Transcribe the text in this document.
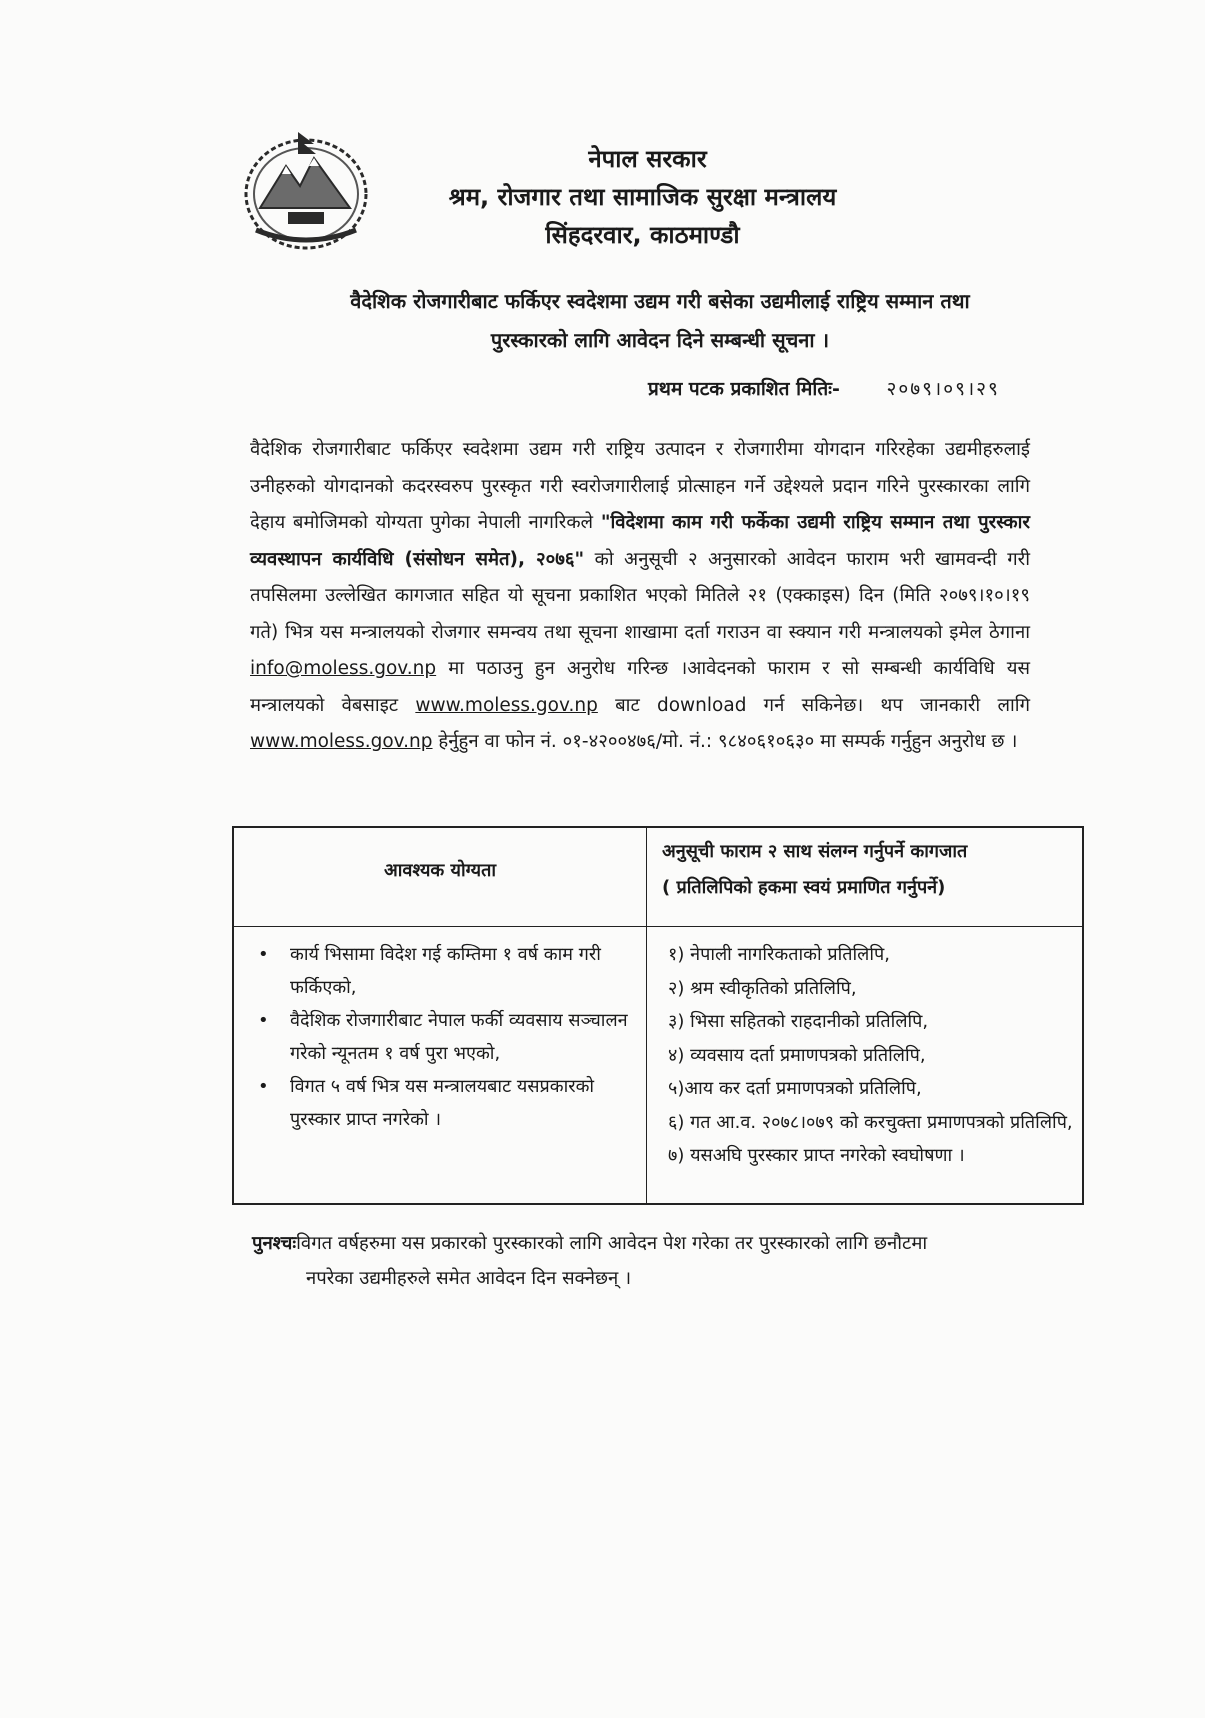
नेपाल सरकार
श्रम, रोजगार तथा सामाजिक सुरक्षा मन्त्रालय
सिंहदरवार, काठमाण्डौ
वैदेशिक रोजगारीबाट फर्किएर स्वदेशमा उद्यम गरी बसेका उद्यमीलाई राष्ट्रिय सम्मान तथा
पुरस्कारको लागि आवेदन दिने सम्बन्धी सूचना ।
प्रथम पटक प्रकाशित मितिः- २०७९।०९।२९
वैदेशिक रोजगारीबाट फर्किएर स्वदेशमा उद्यम गरी राष्ट्रिय उत्पादन र रोजगारीमा योगदान गरिरहेका उद्यमीहरुलाई उनीहरुको योगदानको कदरस्वरुप पुरस्कृत गरी स्वरोजगारीलाई प्रोत्साहन गर्ने उद्देश्यले प्रदान गरिने पुरस्कारका लागि देहाय बमोजिमको योग्यता पुगेका नेपाली नागरिकले "विदेशमा काम गरी फर्केका उद्यमी राष्ट्रिय सम्मान तथा पुरस्कार व्यवस्थापन कार्यविधि (संसोधन समेत), २०७६" को अनुसूची २ अनुसारको आवेदन फाराम भरी खामवन्दी गरी तपसिलमा उल्लेखित कागजात सहित यो सूचना प्रकाशित भएको मितिले २१ (एक्काइस) दिन (मिति २०७९।१०।१९ गते) भित्र यस मन्त्रालयको रोजगार समन्वय तथा सूचना शाखामा दर्ता गराउन वा स्क्यान गरी मन्त्रालयको इमेल ठेगाना info@moless.gov.np मा पठाउनु हुन अनुरोध गरिन्छ ।आवेदनको फाराम र सो सम्बन्धी कार्यविधि यस मन्त्रालयको वेबसाइट www.moless.gov.np बाट download गर्न सकिनेछ। थप जानकारी लागि www.moless.gov.np हेर्नुहुन वा फोन नं. ०१-४२००४७६/मो. नं.: ९८४०६१०६३० मा सम्पर्क गर्नुहुन अनुरोध छ ।
आवश्यक योग्यता
अनुसूची फाराम २ साथ संलग्न गर्नुपर्ने कागजात
( प्रतिलिपिको हकमा स्वयं प्रमाणित गर्नुपर्ने)
• कार्य भिसामा विदेश गई कम्तिमा १ वर्ष काम गरी फर्किएको,
• वैदेशिक रोजगारीबाट नेपाल फर्की व्यवसाय सञ्चालन गरेको न्यूनतम १ वर्ष पुरा भएको,
• विगत ५ वर्ष भित्र यस मन्त्रालयबाट यसप्रकारको पुरस्कार प्राप्त नगरेको ।
१) नेपाली नागरिकताको प्रतिलिपि,
२) श्रम स्वीकृतिको प्रतिलिपि,
३) भिसा सहितको राहदानीको प्रतिलिपि,
४) व्यवसाय दर्ता प्रमाणपत्रको प्रतिलिपि,
५)आय कर दर्ता प्रमाणपत्रको प्रतिलिपि,
६) गत आ.व. २०७८।०७९ को करचुक्ता प्रमाणपत्रको प्रतिलिपि,
७) यसअघि पुरस्कार प्राप्त नगरेको स्वघोषणा ।
पुनश्चःविगत वर्षहरुमा यस प्रकारको पुरस्कारको लागि आवेदन पेश गरेका तर पुरस्कारको लागि छनौटमा
नपरेका उद्यमीहरुले समेत आवेदन दिन सक्नेछन् ।
